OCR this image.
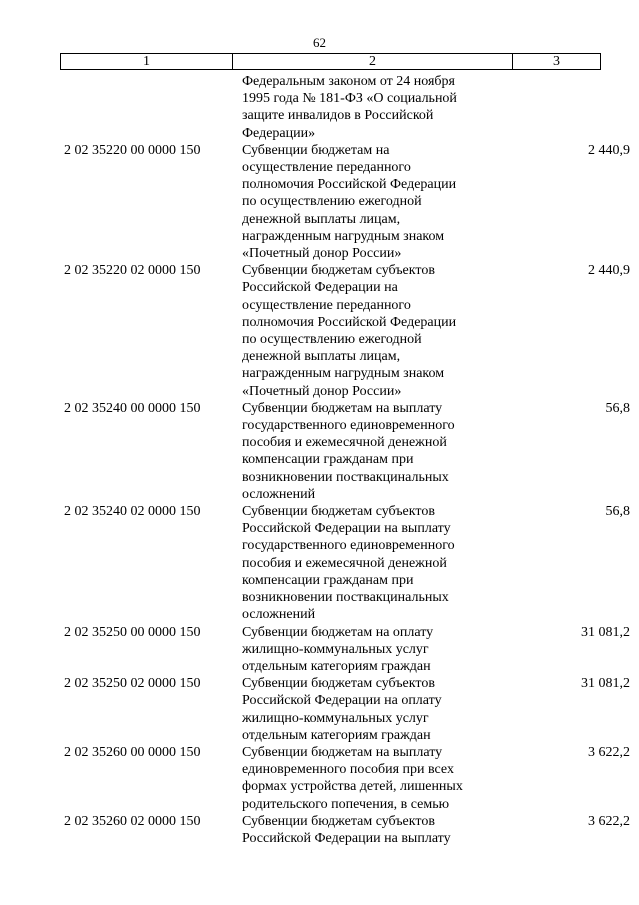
62
1	2	3
Федеральным законом от 24 ноября
1995 года № 181-ФЗ «О социальной
защите инвалидов в Российской
Федерации»
2 02 35220 00 0000 150	Субвенции бюджетам на
осуществление переданного
полномочия Российской Федерации
по осуществлению ежегодной
денежной выплаты лицам,
награжденным нагрудным знаком
«Почетный донор России»
2 440,9
2 02 35220 02 0000 150	Субвенции бюджетам субъектов
Российской Федерации на
осуществление переданного
полномочия Российской Федерации
по осуществлению ежегодной
денежной выплаты лицам,
награжденным нагрудным знаком
«Почетный донор России»
2 440,9
2 02 35240 00 0000 150	Субвенции бюджетам на выплату
государственного единовременного
пособия и ежемесячной денежной
компенсации гражданам при
возникновении поствакцинальных
осложнений
56,8
2 02 35240 02 0000 150	Субвенции бюджетам субъектов
Российской Федерации на выплату
государственного единовременного
пособия и ежемесячной денежной
компенсации гражданам при
возникновении поствакцинальных
осложнений
56,8
2 02 35250 00 0000 150	Субвенции бюджетам на оплату
жилищно-коммунальных услуг
отдельным категориям граждан
31 081,2
2 02 35250 02 0000 150	Субвенции бюджетам субъектов
Российской Федерации на оплату
жилищно-коммунальных услуг
отдельным категориям граждан
31 081,2
2 02 35260 00 0000 150	Субвенции бюджетам на выплату
единовременного пособия при всех
формах устройства детей, лишенных
родительского попечения, в семью
3 622,2
2 02 35260 02 0000 150	Субвенции бюджетам субъектов
Российской Федерации на выплату
3 622,2
